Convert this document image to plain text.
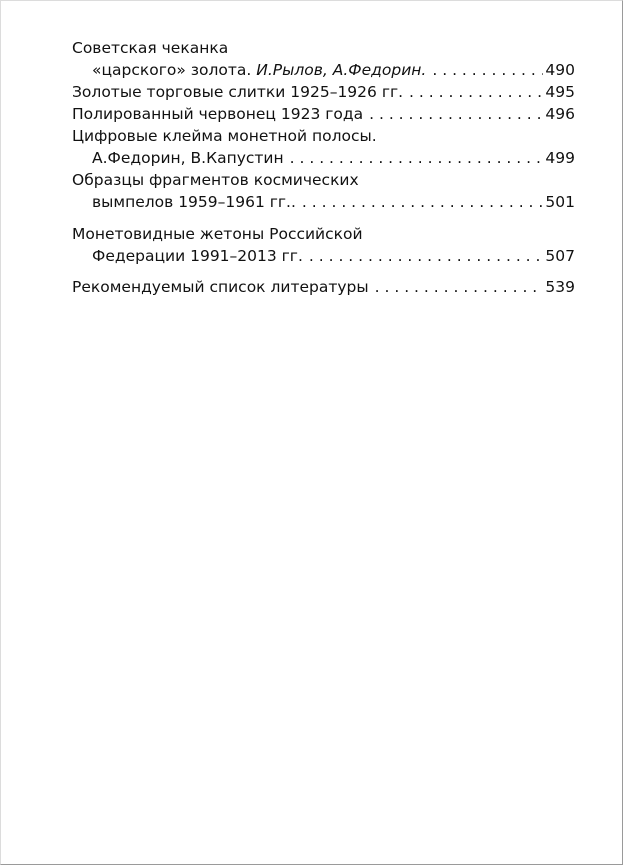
Советская чеканка
«царского» золота. И.Рылов, А.Федорин. . . .	490
Золотые торговые слитки 1925–1926 гг. . . .	495
Полированный червонец 1923 года . . .	496
Цифровые клейма монетной полосы.
А.Федорин, В.Капустин . . .	499
Образцы фрагментов космических
вымпелов 1959–1961 гг.. . . .	501
Монетовидные жетоны Российской
Федерации 1991–2013 гг. . . .	507
Рекомендуемый список литературы . . .	539
